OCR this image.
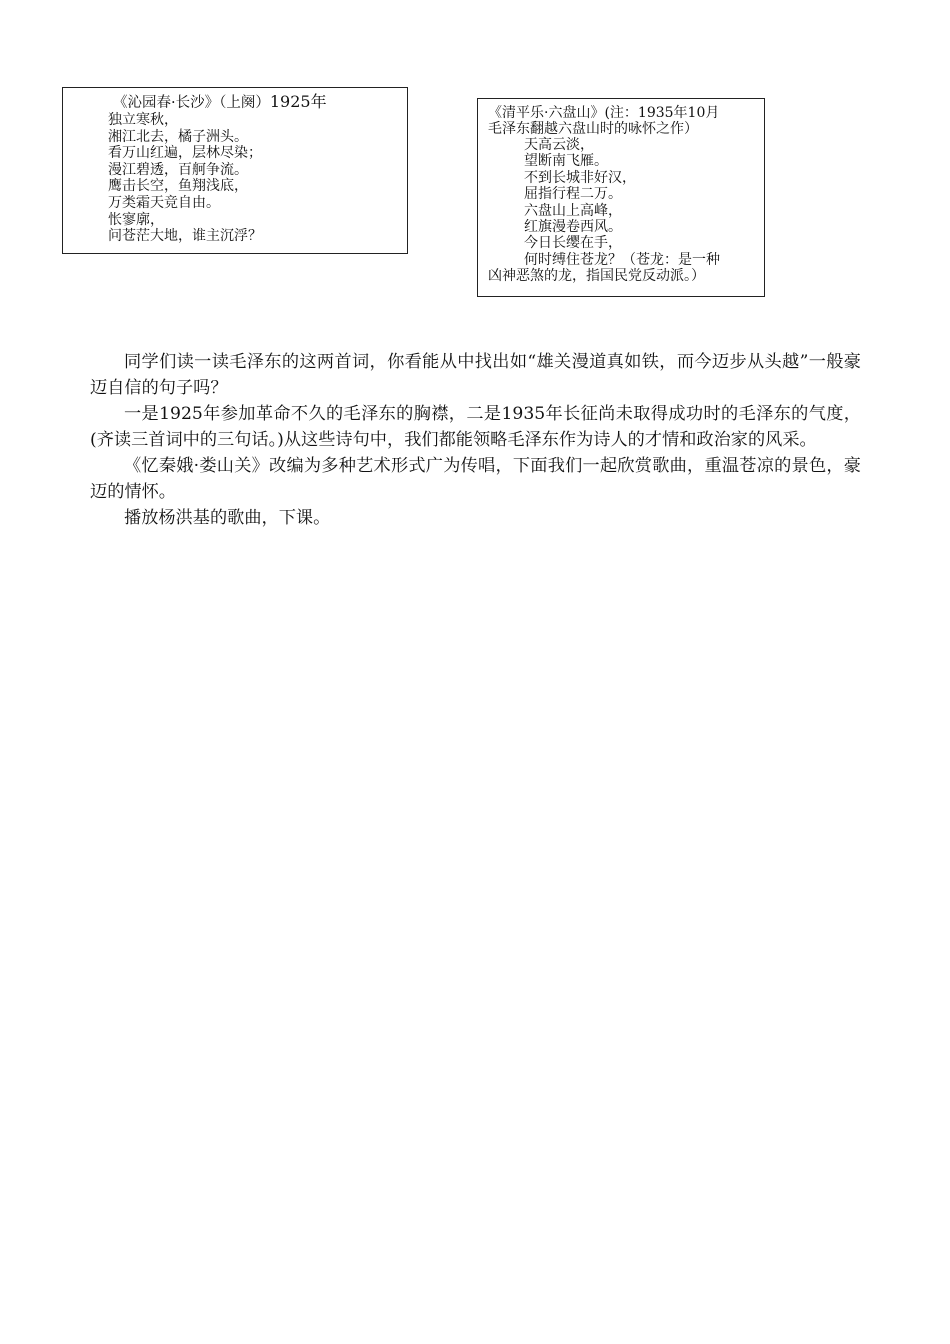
《沁园春·长沙》（上阕）1925年
独立寒秋，
湘江北去，橘子洲头。
看万山红遍，层林尽染；
漫江碧透，百舸争流。
鹰击长空，鱼翔浅底，
万类霜天竞自由。
怅寥廓，
问苍茫大地，谁主沉浮？
《清平乐·六盘山》(注：1935年10月
毛泽东翻越六盘山时的咏怀之作）
天高云淡，
望断南飞雁。
不到长城非好汉，
屈指行程二万。
六盘山上高峰，
红旗漫卷西风。
今日长缨在手，
何时缚住苍龙？（苍龙：是一种
凶神恶煞的龙，指国民党反动派。）

同学们读一读毛泽东的这两首词，你看能从中找出如“雄关漫道真如铁，而今迈步从头越”一般豪迈自信的句子吗？

一是1925年参加革命不久的毛泽东的胸襟，二是1935年长征尚未取得成功时的毛泽东的气度，(齐读三首词中的三句话。)从这些诗句中，我们都能领略毛泽东作为诗人的才情和政治家的风采。

《忆秦娥·娄山关》改编为多种艺术形式广为传唱，下面我们一起欣赏歌曲，重温苍凉的景色，豪迈的情怀。

播放杨洪基的歌曲，下课。
